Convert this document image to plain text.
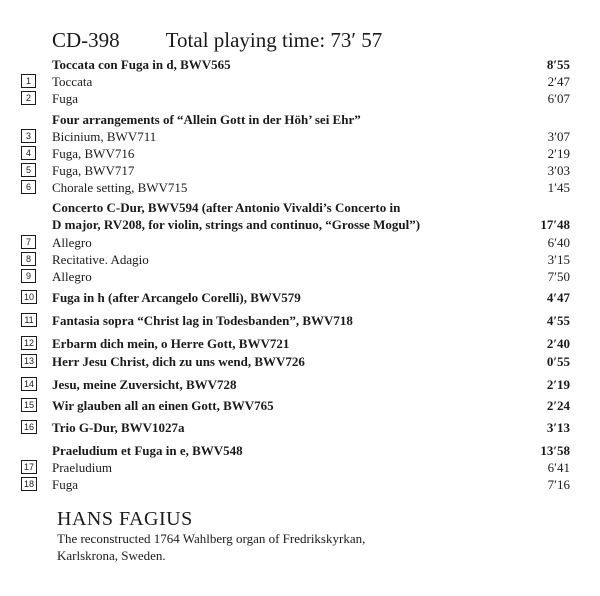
CD-398 Total playing time: 73′ 57
Toccata con Fuga in d, BWV565	8′55
1	Toccata	2′47
2	Fuga	6′07
Four arrangements of “Allein Gott in der Höh’ sei Ehr”
3	Bicinium, BWV711	3′07
4	Fuga, BWV716	2′19
5	Fuga, BWV717	3′03
6	Chorale setting, BWV715	1′45
Concerto C-Dur, BWV594 (after Antonio Vivaldi’s Concerto in
D major, RV208, for violin, strings and continuo, “Grosse Mogul”)	17′48
7	Allegro	6′40
8	Recitative. Adagio	3′15
9	Allegro	7′50
10 Fuga in h (after Arcangelo Corelli), BWV579	4′47
11 Fantasia sopra “Christ lag in Todesbanden”, BWV718	4′55
12 Erbarm dich mein, o Herre Gott, BWV721	2′40
13 Herr Jesu Christ, dich zu uns wend, BWV726	0′55
14 Jesu, meine Zuversicht, BWV728	2′19
15 Wir glauben all an einen Gott, BWV765	2′24
16 Trio G-Dur, BWV1027a	3′13
Praeludium et Fuga in e, BWV548	13′58
17 Praeludium	6′41
18 Fuga	7′16
HANS FAGIUS
The reconstructed 1764 Wahlberg organ of Fredrikskyrkan,
Karlskrona, Sweden.
